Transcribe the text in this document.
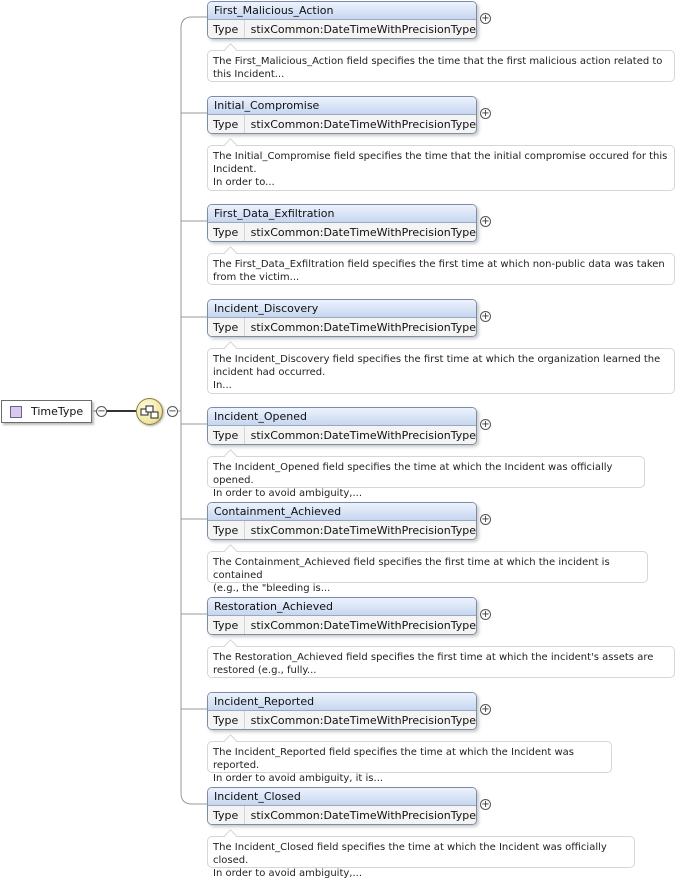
TimeType −	−
First_Malicious_Action
Type	stixCommon:DateTimeWithPrecisionType
+
The First_Malicious_Action field specifies the time that the first malicious action related to
this Incident...
Initial_Compromise
Type	stixCommon:DateTimeWithPrecisionType
+
The Initial_Compromise field specifies the time that the initial compromise occured for this
Incident.
In order to...
First_Data_Exfiltration
Type	stixCommon:DateTimeWithPrecisionType
+
The First_Data_Exfiltration field specifies the first time at which non-public data was taken
from the victim...
Incident_Discovery
Type	stixCommon:DateTimeWithPrecisionType
+
The Incident_Discovery field specifies the first time at which the organization learned the
incident had occurred.
In...
Incident_Opened
Type	stixCommon:DateTimeWithPrecisionType
+
The Incident_Opened field specifies the time at which the Incident was officially opened.
In order to avoid ambiguity,...
Containment_Achieved
Type	stixCommon:DateTimeWithPrecisionType
+
The Containment_Achieved field specifies the first time at which the incident is contained
(e.g., the "bleeding is...
Restoration_Achieved
Type	stixCommon:DateTimeWithPrecisionType
+
The Restoration_Achieved field specifies the first time at which the incident's assets are
restored (e.g., fully...
Incident_Reported
Type	stixCommon:DateTimeWithPrecisionType
+
The Incident_Reported field specifies the time at which the Incident was reported.
In order to avoid ambiguity, it is...
Incident_Closed
Type	stixCommon:DateTimeWithPrecisionType
+
The Incident_Closed field specifies the time at which the Incident was officially closed.
In order to avoid ambiguity,...
